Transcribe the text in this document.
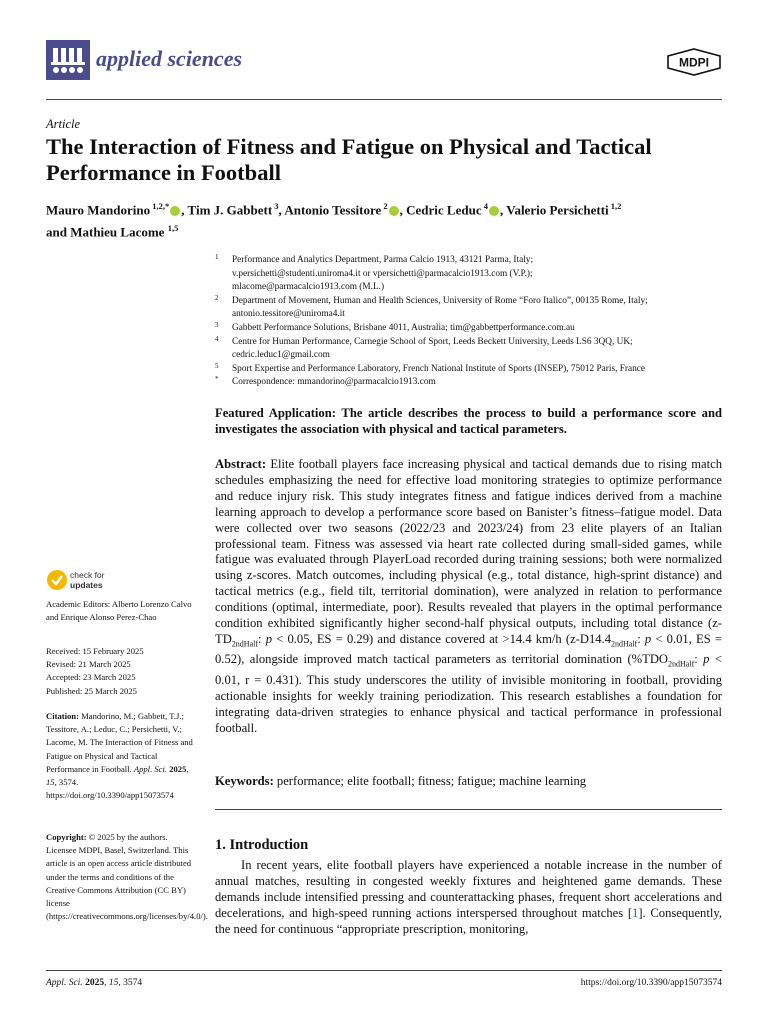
applied sciences	MDPI
Article
The Interaction of Fitness and Fatigue on Physical and Tactical Performance in Football
Mauro Mandorino $^{1,2,*}$ , Tim J. Gabbett $^3$, Antonio Tessitore $^2$ , Cedric Leduc $^4$ , Valerio Persichetti $^{1,2}$
and Mathieu Lacome $^{1,5}$
1 Performance and Analytics Department, Parma Calcio 1913, 43121 Parma, Italy;
v.persichetti@studenti.uniroma4.it or vpersichetti@parmacalcio1913.com (V.P.);
mlacome@parmacalcio1913.com (M.L.)
2 Department of Movement, Human and Health Sciences, University of Rome “Foro Italico”, 00135 Rome, Italy;
antonio.tessitore@uniroma4.it
3 Gabbett Performance Solutions, Brisbane 4011, Australia; tim@gabbettperformance.com.au
4 Centre for Human Performance, Carnegie School of Sport, Leeds Beckett University, Leeds LS6 3QQ, UK;
cedric.leduc1@gmail.com
5 Sport Expertise and Performance Laboratory, French National Institute of Sports (INSEP), 75012 Paris, France
* Correspondence: mmandorino@parmacalcio1913.com
Featured Application: The article describes the process to build a performance score and investigates the association with physical and tactical parameters.
Abstract: Elite football players face increasing physical and tactical demands due to rising match schedules emphasizing the need for effective load monitoring strategies to optimize performance and reduce injury risk. This study integrates fitness and fatigue indices derived from a machine learning approach to develop a performance score based on Banister’s fitness–fatigue model. Data were collected over two seasons (2022/23 and 2023/24) from 23 elite players of an Italian professional team. Fitness was assessed via heart rate collected during small-sided games, while fatigue was evaluated through PlayerLoad recorded during training sessions; both were normalized using z-scores. Match outcomes, including physical (e.g., total distance, high-sprint distance) and tactical metrics (e.g., field tilt, territorial domination), were analyzed in relation to performance conditions (optimal, intermediate, poor). Results revealed that players in the optimal performance condition exhibited significantly higher second-half physical outputs, including total distance ($z-TD_{2ndHalf}$: p < 0.05, ES = 0.29) and distance covered at >14.4 km/h ($z-D14.4_{2ndHalf}$: p < 0.01, ES = 0.52), alongside improved match tactical parameters as territorial domination ($\%TDO_{2ndHalf}$: p < 0.01, r = 0.431). This study underscores the utility of invisible monitoring in football, providing actionable insights for weekly training periodization. This research establishes a foundation for integrating data-driven strategies to enhance physical and tactical performance in professional football.
Keywords: performance; elite football; fitness; fatigue; machine learning
1. Introduction
In recent years, elite football players have experienced a notable increase in the number of annual matches, resulting in congested weekly fixtures and heightened game demands. These demands include intensified pressing and counterattacking phases, frequent short accelerations and decelerations, and high-speed running actions interspersed throughout matches [1]. Consequently, the need for continuous “appropriate prescription, monitoring,
check for
updates
Academic Editors: Alberto Lorenzo Calvo and Enrique Alonso Perez-Chao
Received: 15 February 2025
Revised: 21 March 2025
Accepted: 23 March 2025
Published: 25 March 2025
Citation: Mandorino, M.; Gabbett, T.J.; Tessitore, A.; Leduc, C.; Persichetti, V.; Lacome, M. The Interaction of Fitness and Fatigue on Physical and Tactical Performance in Football. Appl. Sci. 2025, 15, 3574. https://doi.org/10.3390/app15073574
Copyright: © 2025 by the authors. Licensee MDPI, Basel, Switzerland. This article is an open access article distributed under the terms and conditions of the Creative Commons Attribution (CC BY) license (https://creativecommons.org/licenses/by/4.0/).
Appl. Sci. 2025, 15, 3574	https://doi.org/10.3390/app15073574
